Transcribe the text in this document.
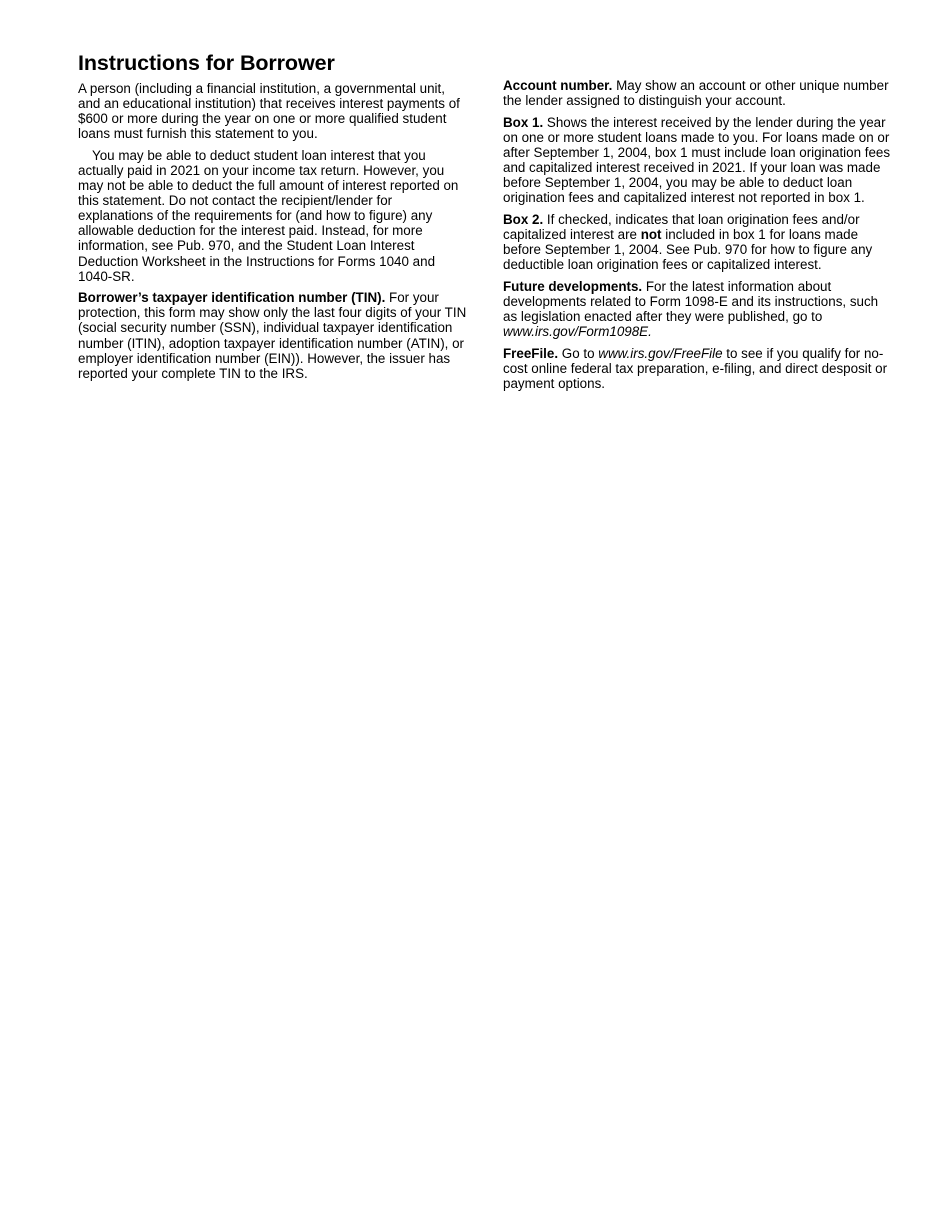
Instructions for Borrower

A person (including a financial institution, a governmental unit, and an educational institution) that receives interest payments of $600 or more during the year on one or more qualified student loans must furnish this statement to you.

You may be able to deduct student loan interest that you actually paid in 2021 on your income tax return. However, you may not be able to deduct the full amount of interest reported on this statement. Do not contact the recipient/lender for explanations of the requirements for (and how to figure) any allowable deduction for the interest paid. Instead, for more information, see Pub. 970, and the Student Loan Interest Deduction Worksheet in the Instructions for Forms 1040 and 1040-SR.

Borrower’s taxpayer identification number (TIN). For your protection, this form may show only the last four digits of your TIN (social security number (SSN), individual taxpayer identification number (ITIN), adoption taxpayer identification number (ATIN), or employer identification number (EIN)). However, the issuer has reported your complete TIN to the IRS.

Account number. May show an account or other unique number the lender assigned to distinguish your account.

Box 1. Shows the interest received by the lender during the year on one or more student loans made to you. For loans made on or after September 1, 2004, box 1 must include loan origination fees and capitalized interest received in 2021. If your loan was made before September 1, 2004, you may be able to deduct loan origination fees and capitalized interest not reported in box 1.

Box 2. If checked, indicates that loan origination fees and/or capitalized interest are not included in box 1 for loans made before September 1, 2004. See Pub. 970 for how to figure any deductible loan origination fees or capitalized interest.

Future developments. For the latest information about developments related to Form 1098-E and its instructions, such as legislation enacted after they were published, go to www.irs.gov/Form1098E.

FreeFile. Go to www.irs.gov/FreeFile to see if you qualify for no-cost online federal tax preparation, e-filing, and direct desposit or payment options.
